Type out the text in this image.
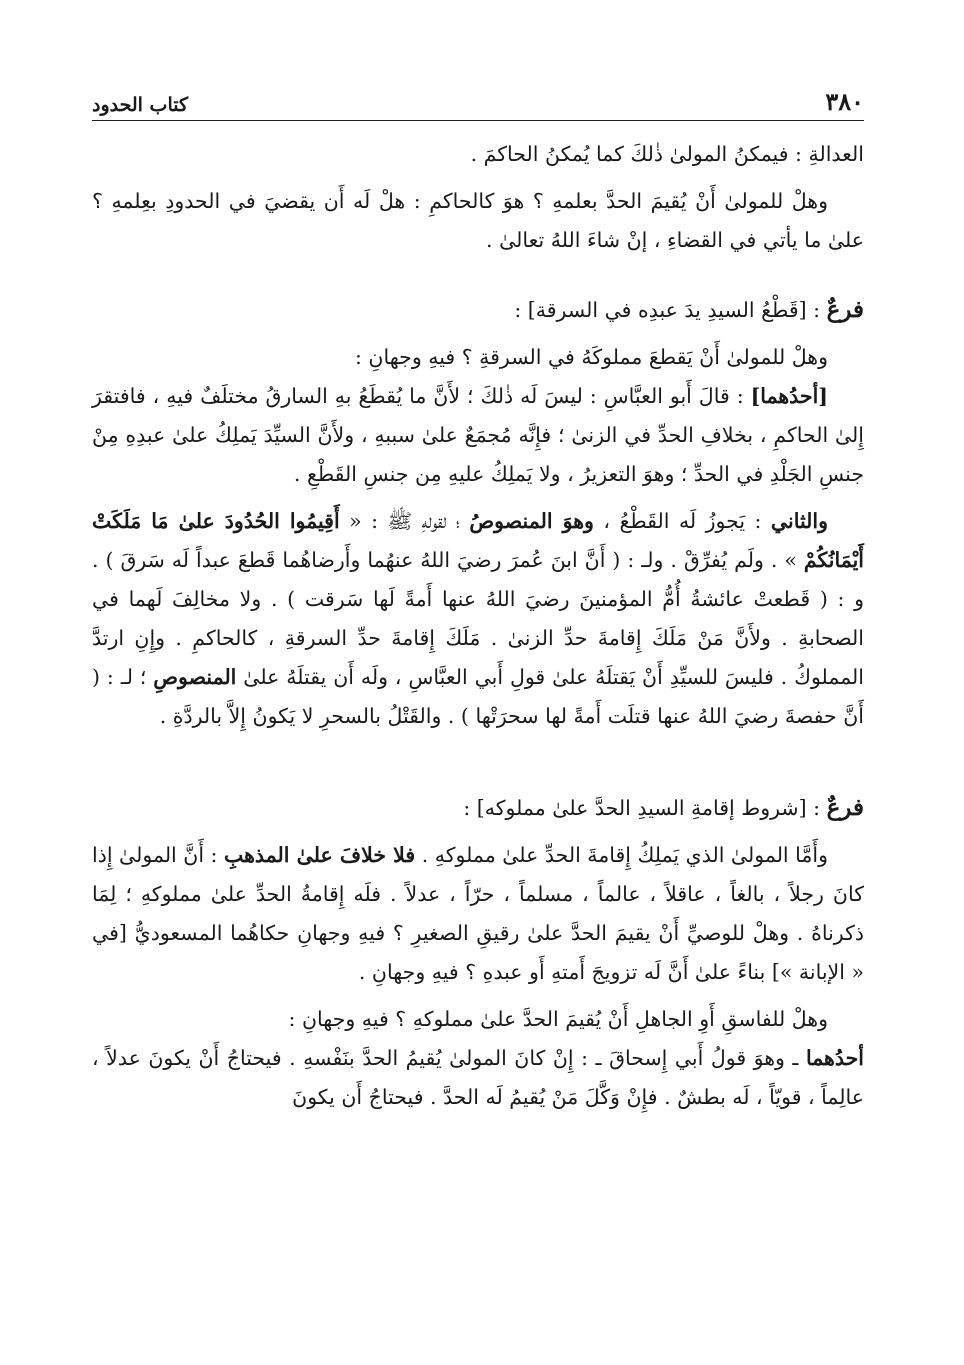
٣٨٠
كتاب الحدود

العدالةِ : فيمكنُ المولىٰ ذٰلكَ كما يُمكنُ الحاكمَ .

وهلْ للمولىٰ أَنْ يُقيمَ الحدَّ بعلمهِ ؟ هوَ كالحاكمِ : هلْ لَه أَن يقضيَ في الحدودِ بعِلمهِ ؟ علىٰ ما يأتي في القضاءِ ، إنْ شاءَ اللهُ تعالىٰ .

فرعٌ : [قَطْعُ السيدِ يدَ عبدِه في السرقة] :

وهلْ للمولىٰ أَنْ يَقطعَ مملوكَهُ في السرقةِ ؟ فيهِ وجهانِ :

[أحدُهما] : قالَ أَبو العبَّاسِ : ليسَ لَه ذٰلكَ ؛ لأَنَّ ما يُقطَعُ بهِ السارقُ مختلَفٌ فيهِ ، فافتقرَ إِلىٰ الحاكمِ ، بخلافِ الحدِّ في الزنىٰ ؛ فإِنَّه مُجمَعٌ علىٰ سببهِ ، ولأَنَّ السيِّدَ يَملِكُ علىٰ عبدِهِ مِنْ جنسِ الجَلْدِ في الحدِّ ؛ وهوَ التعزيرُ ، ولا يَملِكُ عليهِ مِن جنسِ القَطْعِ .

والثاني : يَجوزُ لَه القَطْعُ ، وهوَ المنصوصُ ؛ لقولهِ ﷺ : « أَقِيمُوا الحُدُودَ علىٰ مَا مَلَكَتْ أَيْمَانُكُمْ » . ولَم يُفرِّقْ . ولـ : ( أَنَّ ابنَ عُمرَ رضيَ اللهُ عنهُما وأَرضاهُما قَطعَ عبداً لَه سَرقَ ) . و : ( قَطعتْ عائشةُ أُمُّ المؤمنينَ رضيَ اللهُ عنها أَمةً لَها سَرقت ) . ولا مخالِفَ لَهما في الصحابةِ . ولأَنَّ مَنْ مَلَكَ إِقامةَ حدِّ الزنىٰ . مَلَكَ إِقامةَ حدِّ السرقةِ ، كالحاكمِ . وإِنِ ارتدَّ المملوكُ . فليسَ للسيِّدِ أَنْ يَقتلَهُ علىٰ قولِ أَبي العبَّاسِ ، ولَه أَن يقتلَهُ علىٰ المنصوصِ ؛ لـ : ( أَنَّ حفصةَ رضيَ اللهُ عنها قتلَت أَمةً لها سحرَتْها ) . والقَتْلُ بالسحرِ لا يَكونُ إِلاَّ بالردَّةِ .

فرعٌ : [شروط إقامةِ السيدِ الحدَّ علىٰ مملوكه] :

وأَمَّا المولىٰ الذي يَملِكُ إِقامةَ الحدِّ علىٰ مملوكهِ . فلا خلافَ علىٰ المذهبِ : أَنَّ المولىٰ إِذا كانَ رجلاً ، بالغاً ، عاقلاً ، عالماً ، مسلماً ، حرّاً ، عدلاً . فلَه إِقامةُ الحدِّ علىٰ مملوكهِ ؛ لِمَا ذكرناهُ . وهلْ للوصيِّ أَنْ يقيمَ الحدَّ علىٰ رقيقِ الصغيرِ ؟ فيهِ وجهانِ حكاهُما المسعوديُّ [في « الإبانة »] بناءً علىٰ أَنَّ لَه تزويجَ أَمتهِ أَو عبدهِ ؟ فيهِ وجهانِ .

وهلْ للفاسقِ أَوِ الجاهلِ أَنْ يُقيمَ الحدَّ علىٰ مملوكهِ ؟ فيهِ وجهانِ :

أحدُهما ـ وهوَ قولُ أَبي إِسحاقَ ـ : إِنْ كانَ المولىٰ يُقيمُ الحدَّ بنَفْسهِ . فيحتاجُ أَنْ يكونَ عدلاً ، عالِماً ، قويّاً ، لَه بطشٌ . فإِنْ وَكَّلَ مَنْ يُقيمُ لَه الحدَّ . فيحتاجُ أَن يكونَ
